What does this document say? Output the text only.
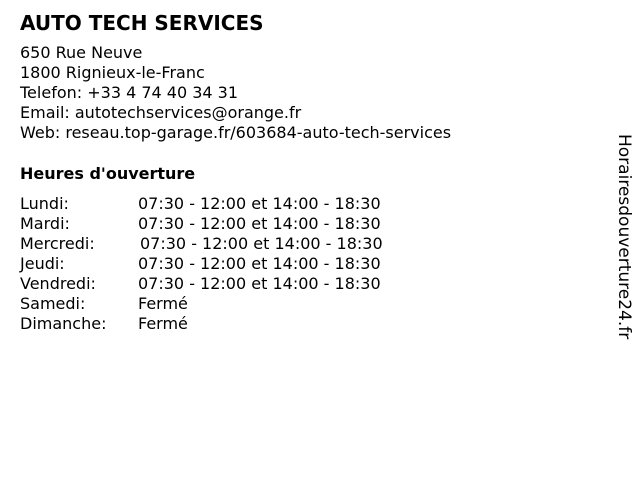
AUTO TECH SERVICES
650 Rue Neuve
1800 Rignieux-le-Franc
Telefon: +33 4 74 40 34 31
Email: autotechservices@orange.fr
Web: reseau.top-garage.fr/603684-auto-tech-services
Heures d'ouverture
Lundi:	07:30 - 12:00 et 14:00 - 18:30
Mardi:	07:30 - 12:00 et 14:00 - 18:30
Mercredi:	07:30 - 12:00 et 14:00 - 18:30
Jeudi:	07:30 - 12:00 et 14:00 - 18:30
Vendredi:	07:30 - 12:00 et 14:00 - 18:30
Samedi:	Fermé
Dimanche:	Fermé	Horairesdouverture24.fr
